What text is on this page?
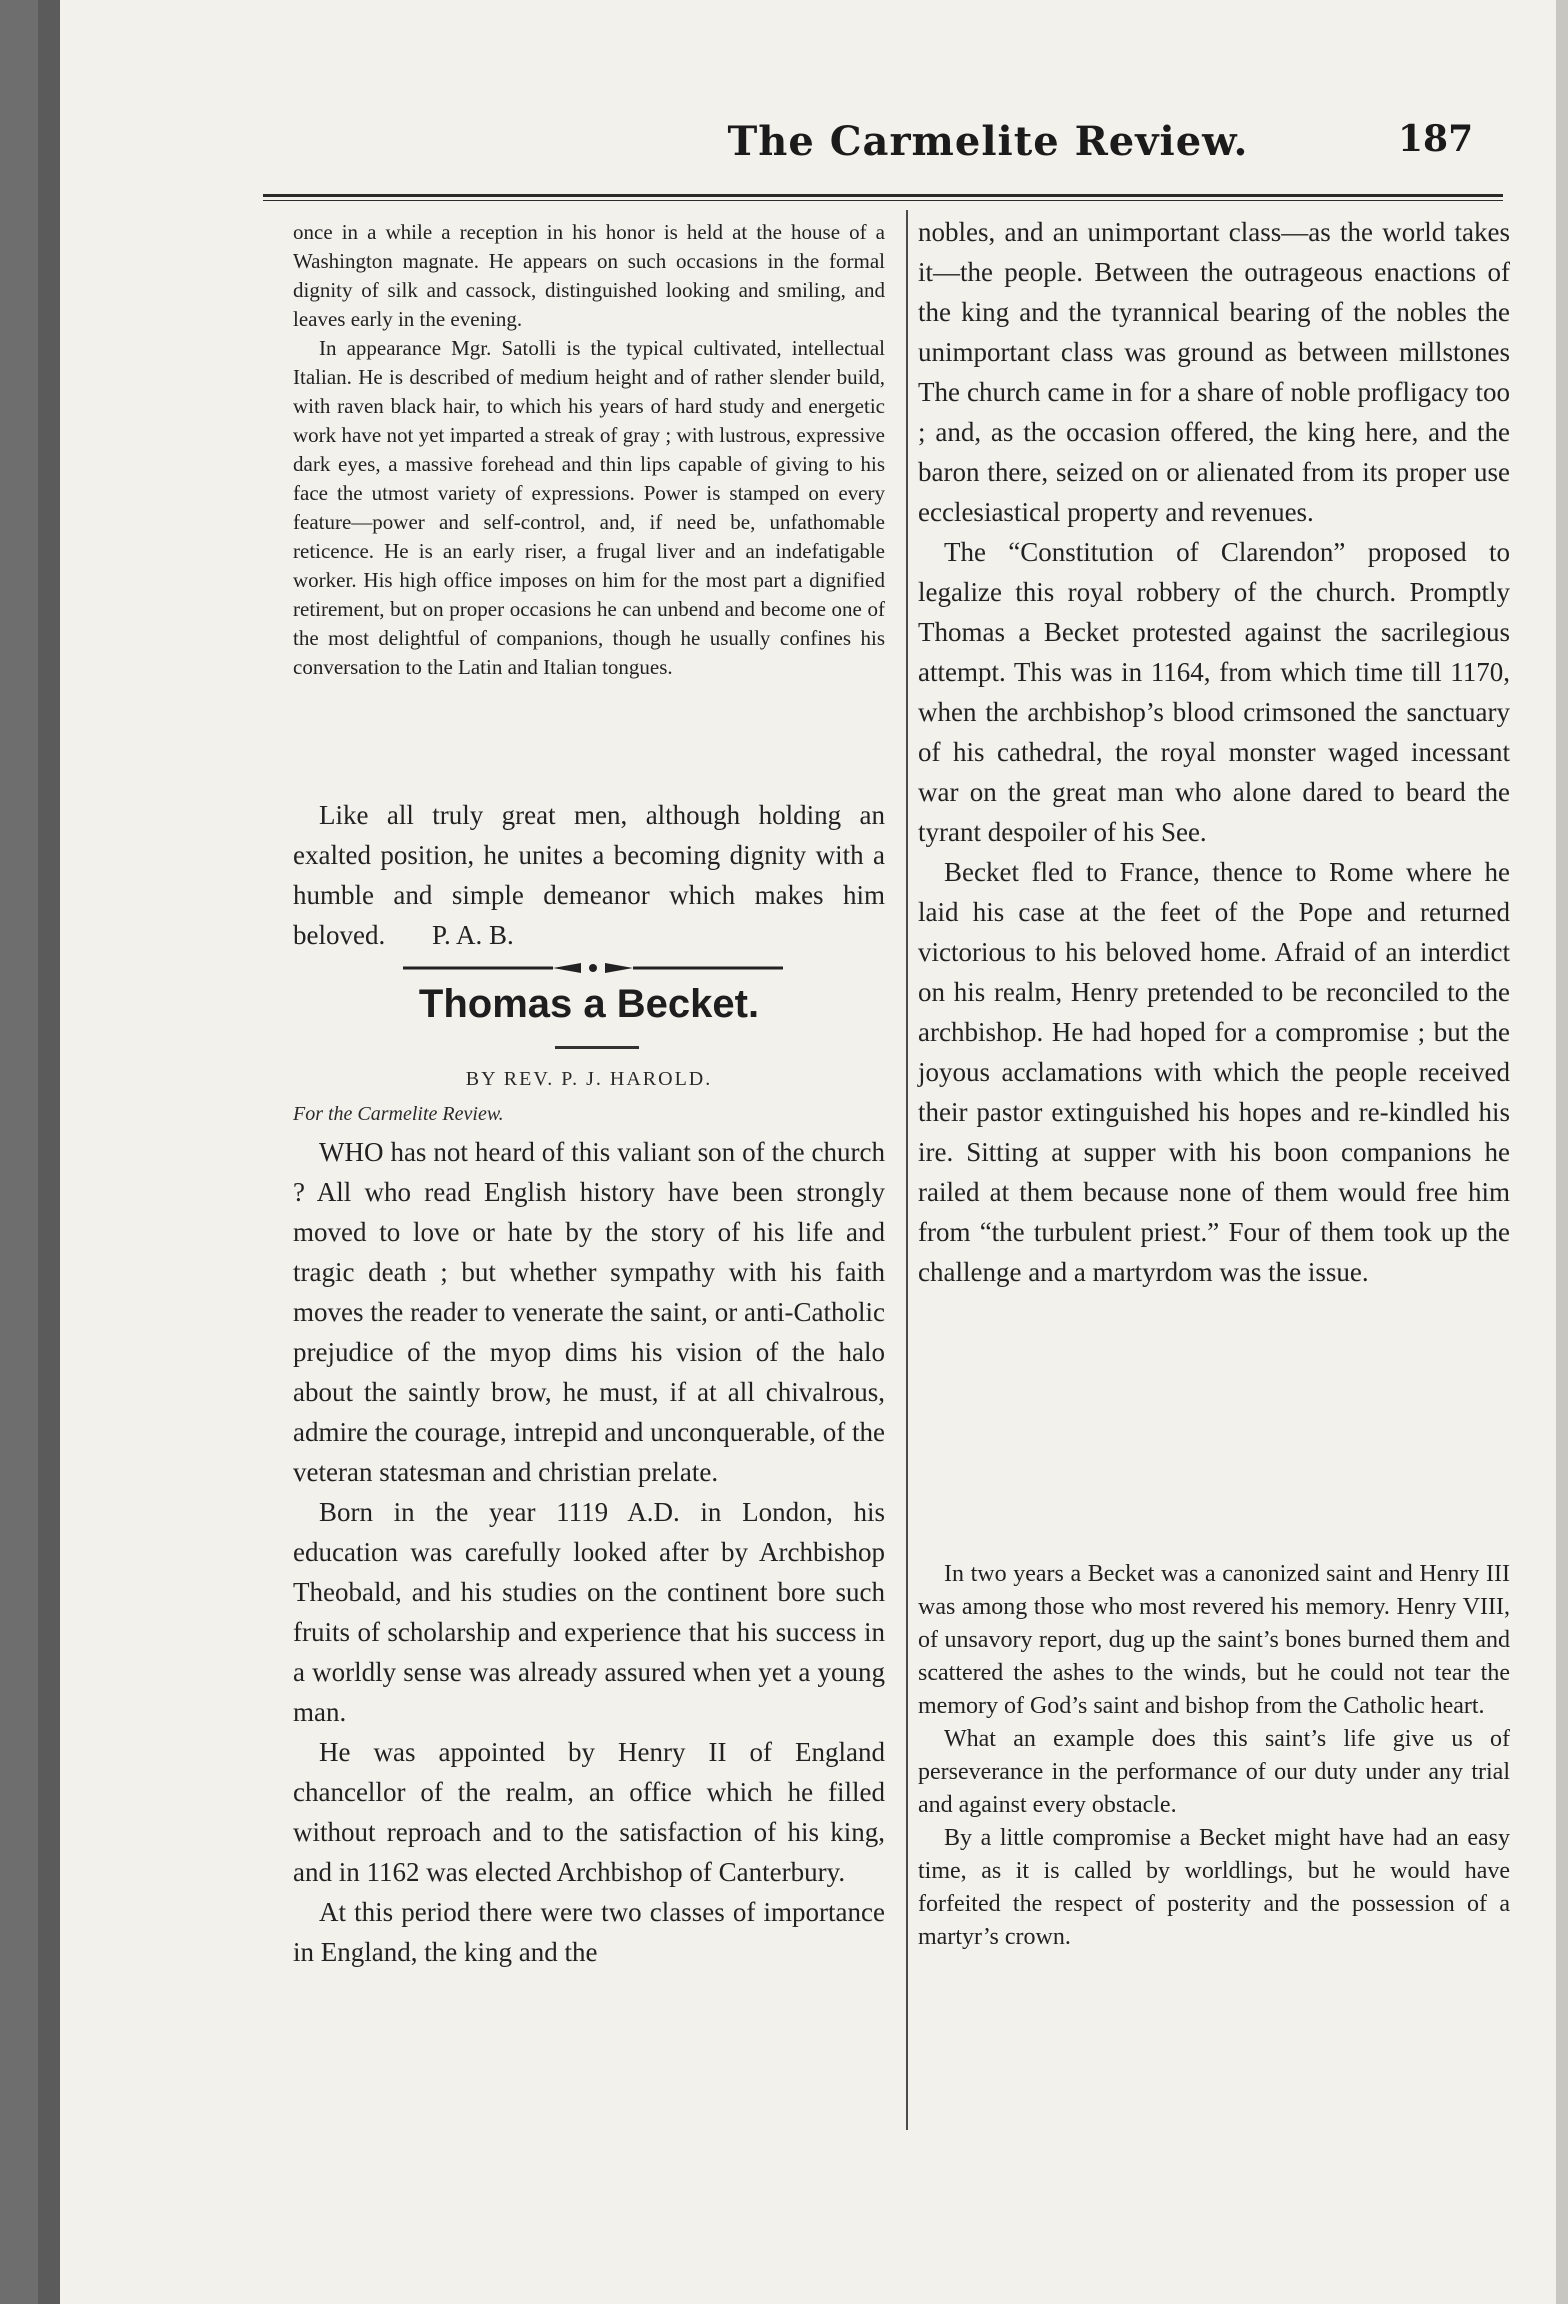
The Carmelite Review.	187

once in a while a reception in his honor is held at the house of a Washington magnate. He appears on such occasions in the formal dignity of silk and cassock, distinguished looking and smiling, and leaves early in the evening.

In appearance Mgr. Satolli is the typical cultivated, intellectual Italian. He is described of medium height and of rather slender build, with raven black hair, to which his years of hard study and energetic work have not yet imparted a streak of gray ; with lustrous, expressive dark eyes, a massive forehead and thin lips capable of giving to his face the utmost variety of expressions. Power is stamped on every feature—power and self-control, and, if need be, unfathomable reticence. He is an early riser, a frugal liver and an indefatigable worker. His high office imposes on him for the most part a dignified retirement, but on proper occasions he can unbend and become one of the most delightful of companions, though he usually confines his conversation to the Latin and Italian tongues.

Like all truly great men, although holding an exalted position, he unites a becoming dignity with a humble and simple demeanor which makes him beloved. P. A. B.

Thomas a Becket.
BY REV. P. J. HAROLD.
For the Carmelite Review.

WHO has not heard of this valiant son of the church ? All who read English history have been strongly moved to love or hate by the story of his life and tragic death ; but whether sympathy with his faith moves the reader to venerate the saint, or anti-Catholic prejudice of the myop dims his vision of the halo about the saintly brow, he must, if at all chivalrous, admire the courage, intrepid and unconquerable, of the veteran statesman and christian prelate.

Born in the year 1119 A.D. in London, his education was carefully looked after by Archbishop Theobald, and his studies on the continent bore such fruits of scholarship and experience that his success in a worldly sense was already assured when yet a young man.

He was appointed by Henry II of England chancellor of the realm, an office which he filled without reproach and to the satisfaction of his king, and in 1162 was elected Archbishop of Canterbury.

At this period there were two classes of importance in England, the king and the

nobles, and an unimportant class—as the world takes it—the people. Between the outrageous enactions of the king and the tyrannical bearing of the nobles the unimportant class was ground as between millstones The church came in for a share of noble profligacy too ; and, as the occasion offered, the king here, and the baron there, seized on or alienated from its proper use ecclesiastical property and revenues.

The “Constitution of Clarendon” proposed to legalize this royal robbery of the church. Promptly Thomas a Becket protested against the sacrilegious attempt. This was in 1164, from which time till 1170, when the archbishop’s blood crimsoned the sanctuary of his cathedral, the royal monster waged incessant war on the great man who alone dared to beard the tyrant despoiler of his See.

Becket fled to France, thence to Rome where he laid his case at the feet of the Pope and returned victorious to his beloved home. Afraid of an interdict on his realm, Henry pretended to be reconciled to the archbishop. He had hoped for a compromise ; but the joyous acclamations with which the people received their pastor extinguished his hopes and re-kindled his ire. Sitting at supper with his boon companions he railed at them because none of them would free him from “the turbulent priest.” Four of them took up the challenge and a martyrdom was the issue.

In two years a Becket was a canonized saint and Henry III was among those who most revered his memory. Henry VIII, of unsavory report, dug up the saint’s bones burned them and scattered the ashes to the winds, but he could not tear the memory of God’s saint and bishop from the Catholic heart.

What an example does this saint’s life give us of perseverance in the performance of our duty under any trial and against every obstacle.

By a little compromise a Becket might have had an easy time, as it is called by worldlings, but he would have forfeited the respect of posterity and the possession of a martyr’s crown.
